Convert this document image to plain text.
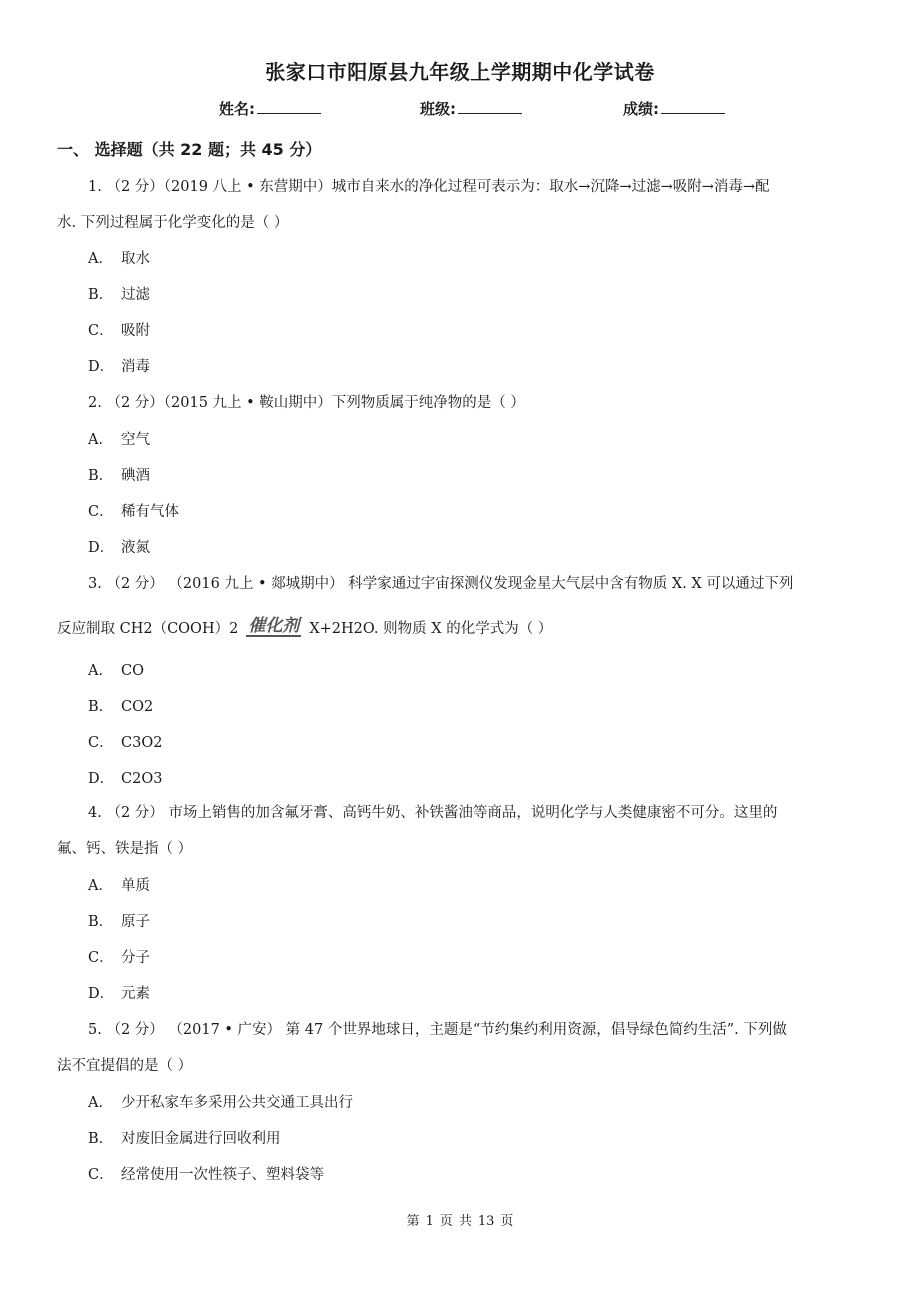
张家口市阳原县九年级上学期期中化学试卷
姓名:	班级:	成绩:
一、 选择题（共 22 题；共 45 分）
1. （2 分）（2019 八上 • 东营期中）城市自来水的净化过程可表示为：取水→沉降→过滤→吸附→消毒→配
水. 下列过程属于化学变化的是（ ）
A． 取水
B． 过滤
C． 吸附
D． 消毒
2. （2 分）（2015 九上 • 鞍山期中）下列物质属于纯净物的是（ ）
A． 空气
B． 碘酒
C． 稀有气体
D． 液氮
3. （2 分） （2016 九上 • 郯城期中） 科学家通过宇宙探测仪发现金星大气层中含有物质 X. X 可以通过下列
反应制取 CH2（COOH）2 催化剂 X+2H2O. 则物质 X 的化学式为（ ）
A． CO
B． CO2
C． C3O2
D． C2O3
4. （2 分） 市场上销售的加含氟牙膏、高钙牛奶、补铁酱油等商品，说明化学与人类健康密不可分。这里的
氟、钙、铁是指（ ）
A． 单质
B． 原子
C． 分子
D． 元素
5. （2 分） （2017 • 广安） 第 47 个世界地球日，主题是“节约集约利用资源，倡导绿色简约生活”. 下列做
法不宜提倡的是（ ）
A． 少开私家车多采用公共交通工具出行
B． 对废旧金属进行回收利用
C． 经常使用一次性筷子、塑料袋等
第 1 页 共 13 页
